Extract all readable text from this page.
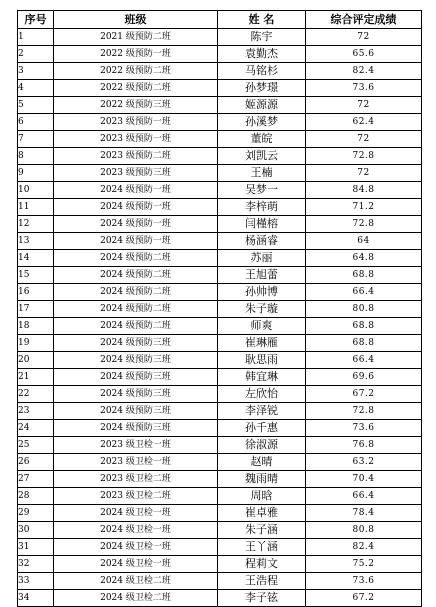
序号	班级	姓 名	综合评定成绩
1	2021 级预防二班	陈宇	72
2	2022 级预防一班	袁勤杰	65.6
3	2022 级预防二班	马铭杉	82.4
4	2022 级预防二班	孙梦璟	73.6
5	2022 级预防三班	姬源源	72
6	2023 级预防一班	孙溪梦	62.4
7	2023 级预防一班	董皖	72
8	2023 级预防二班	刘凯云	72.8
9	2023 级预防三班	王楠	72
10	2024 级预防一班	吴梦一	84.8
11	2024 级预防一班	李梓萌	71.2
12	2024 级预防一班	闫槿榕	72.8
13	2024 级预防一班	杨涵睿	64
14	2024 级预防二班	苏丽	64.8
15	2024 级预防二班	王旭蕾	68.8
16	2024 级预防二班	孙帅博	66.4
17	2024 级预防二班	朱子璇	80.8
18	2024 级预防二班	师爽	68.8
19	2024 级预防三班	崔琳雁	68.8
20	2024 级预防三班	耿思雨	66.4
21	2024 级预防三班	韩宜琳	69.6
22	2024 级预防三班	左欣怡	67.2
23	2024 级预防三班	李泽锐	72.8
24	2024 级预防三班	孙千惠	73.6
25	2023 级卫检一班	徐淑源	76.8
26	2023 级卫检一班	赵晴	63.2
27	2023 级卫检二班	魏雨晴	70.4
28	2023 级卫检二班	周晗	66.4
29	2024 级卫检一班	崔卓雅	78.4
30	2024 级卫检一班	朱子涵	80.8
31	2024 级卫检一班	王丫涵	82.4
32	2024 级卫检一班	程莉文	75.2
33	2024 级卫检二班	王浩程	73.6
34	2024 级卫检二班	李子铉	67.2
